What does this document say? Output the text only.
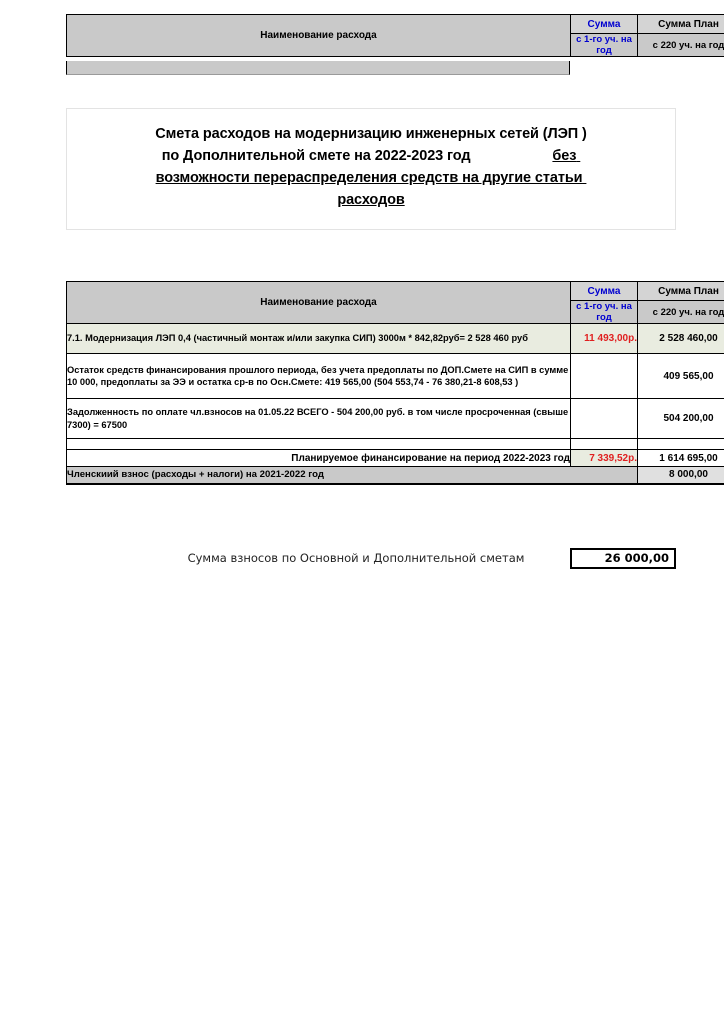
Наименование расхода	Сумма	Сумма План
	с 1-го уч. на год	с 220 уч. на год
Смета расходов на модернизацию инженерных сетей (ЛЭП )
по Дополнительной смете на 2022-2023 год	без
возможности перераспределения средств на другие статьи
расходов
Наименование расхода	Сумма	Сумма План
	с 1-го уч. на год	с 220 уч. на год
7.1. Модернизация ЛЭП 0,4 (частичный монтаж и/или закупка СИП) 3000м * 842,82руб= 2 528 460 руб	11 493,00р.	2 528 460,00
Остаток средств финансирования прошлого периода, без учета предоплаты по ДОП.Смете на СИП в сумме 10 000, предоплаты за ЭЭ и остатка ср-в по Осн.Смете: 419 565,00 (504 553,74 - 76 380,21-8 608,53 )		409 565,00
Задолженность по оплате чл.взносов на 01.05.22 ВСЕГО - 504 200,00 руб. в том числе просроченная (свыше 7300) = 67500		504 200,00

Планируемое финансирование на период 2022-2023 год	7 339,52р.	1 614 695,00
Членскиий взнос (расходы + налоги) на 2021-2022 год		8 000,00
Сумма взносов по Основной и Дополнительной сметам	26 000,00
